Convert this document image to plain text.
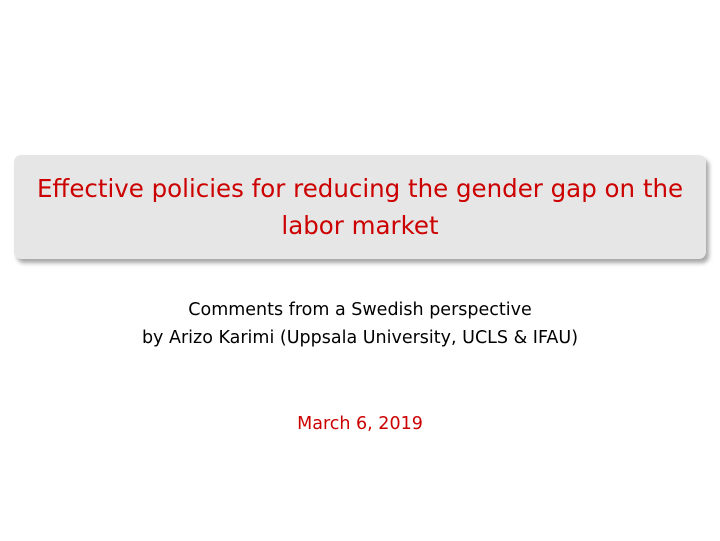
Effective policies for reducing the gender gap on the
labor market
Comments from a Swedish perspective
by Arizo Karimi (Uppsala University, UCLS & IFAU)
March 6, 2019
